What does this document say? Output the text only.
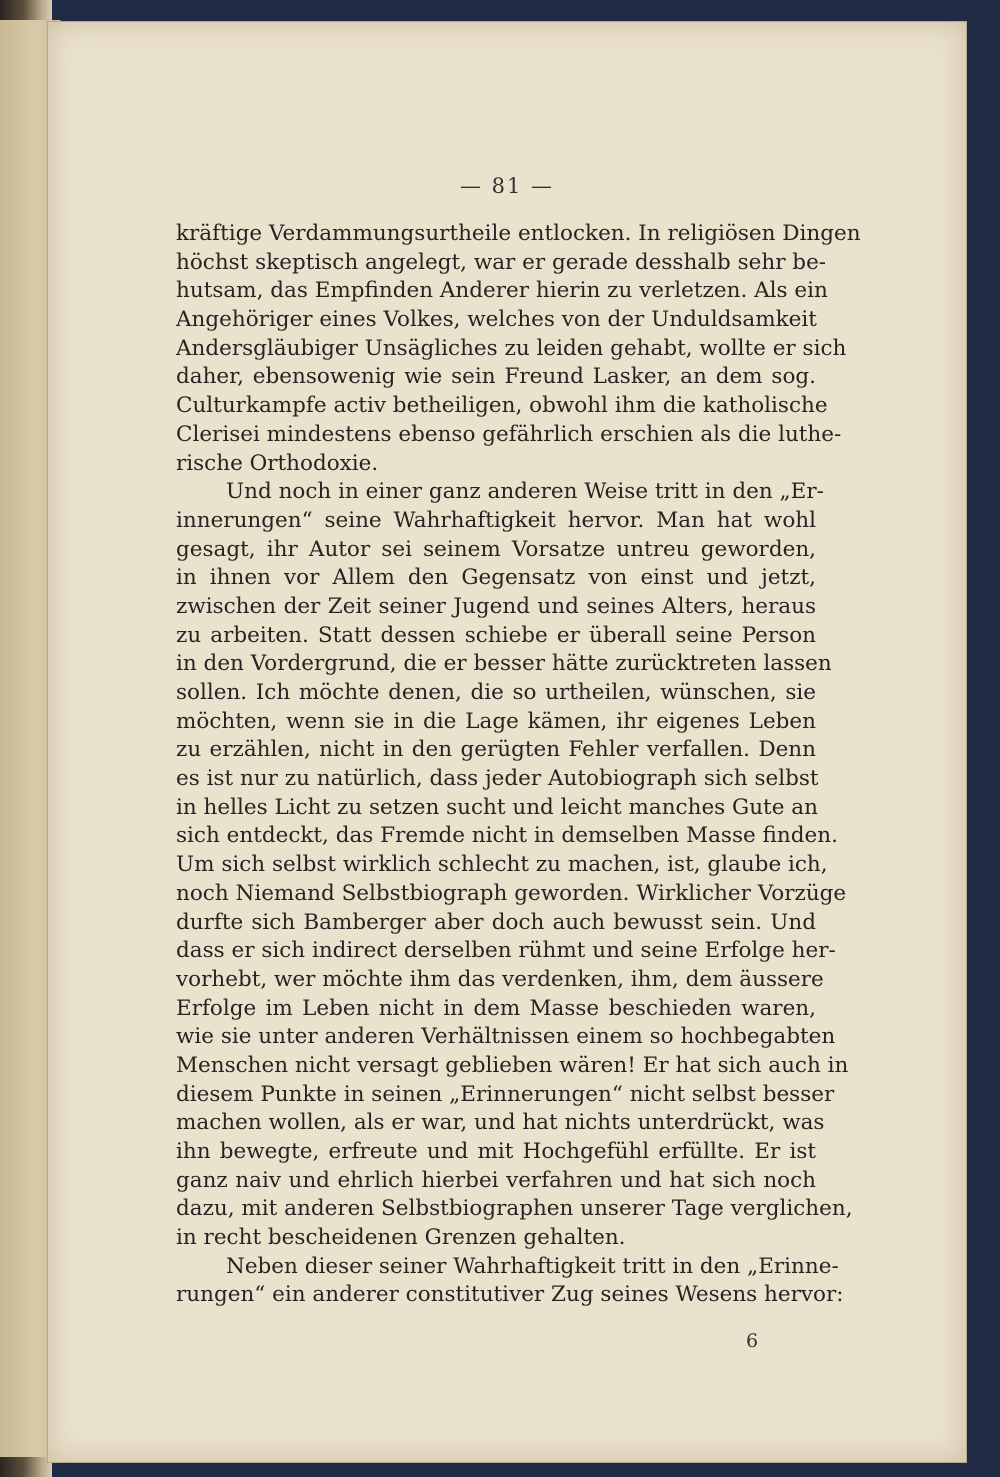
— 81 —
kräftige Verdammungsurtheile entlocken. In religiösen Dingen
höchst skeptisch angelegt, war er gerade desshalb sehr be-
hutsam, das Empfinden Anderer hierin zu verletzen. Als ein
Angehöriger eines Volkes, welches von der Unduldsamkeit
Andersgläubiger Unsägliches zu leiden gehabt, wollte er sich
daher, ebensowenig wie sein Freund Lasker, an dem sog.
Culturkampfe activ betheiligen, obwohl ihm die katholische
Clerisei mindestens ebenso gefährlich erschien als die luthe-
rische Orthodoxie.
Und noch in einer ganz anderen Weise tritt in den „Er-
innerungen“ seine Wahrhaftigkeit hervor. Man hat wohl
gesagt, ihr Autor sei seinem Vorsatze untreu geworden,
in ihnen vor Allem den Gegensatz von einst und jetzt,
zwischen der Zeit seiner Jugend und seines Alters, heraus
zu arbeiten. Statt dessen schiebe er überall seine Person
in den Vordergrund, die er besser hätte zurücktreten lassen
sollen. Ich möchte denen, die so urtheilen, wünschen, sie
möchten, wenn sie in die Lage kämen, ihr eigenes Leben
zu erzählen, nicht in den gerügten Fehler verfallen. Denn
es ist nur zu natürlich, dass jeder Autobiograph sich selbst
in helles Licht zu setzen sucht und leicht manches Gute an
sich entdeckt, das Fremde nicht in demselben Masse finden.
Um sich selbst wirklich schlecht zu machen, ist, glaube ich,
noch Niemand Selbstbiograph geworden. Wirklicher Vorzüge
durfte sich Bamberger aber doch auch bewusst sein. Und
dass er sich indirect derselben rühmt und seine Erfolge her-
vorhebt, wer möchte ihm das verdenken, ihm, dem äussere
Erfolge im Leben nicht in dem Masse beschieden waren,
wie sie unter anderen Verhältnissen einem so hochbegabten
Menschen nicht versagt geblieben wären! Er hat sich auch in
diesem Punkte in seinen „Erinnerungen“ nicht selbst besser
machen wollen, als er war, und hat nichts unterdrückt, was
ihn bewegte, erfreute und mit Hochgefühl erfüllte. Er ist
ganz naiv und ehrlich hierbei verfahren und hat sich noch
dazu, mit anderen Selbstbiographen unserer Tage verglichen,
in recht bescheidenen Grenzen gehalten.
Neben dieser seiner Wahrhaftigkeit tritt in den „Erinne-
rungen“ ein anderer constitutiver Zug seines Wesens hervor:
6
